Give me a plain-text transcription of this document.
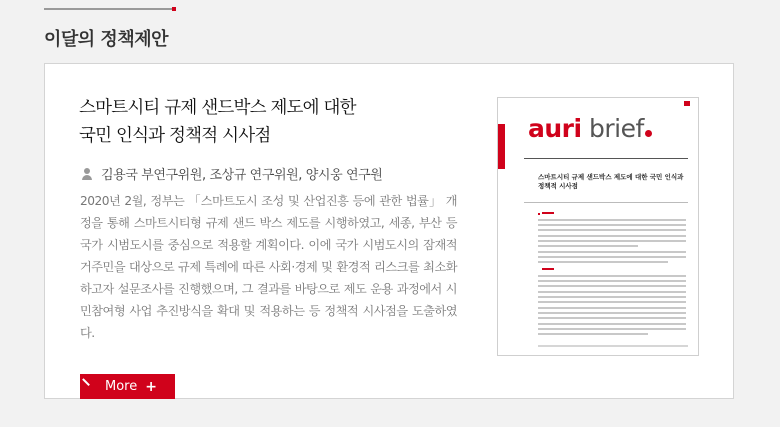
이달의 정책제안
스마트시티 규제 샌드박스 제도에 대한
국민 인식과 정책적 시사점
김용국 부연구위원, 조상규 연구위원, 양시웅 연구원

2020년 2월, 정부는 「스마트도시 조성 및 산업진흥 등에 관한 법률」 개정을 통해 스마트시티형 규제 샌드 박스 제도를 시행하였고, 세종, 부산 등 국가 시범도시를 중심으로 적용할 계획이다. 이에 국가 시범도시의 잠재적 거주민을 대상으로 규제 특례에 따른 사회·경제 및 환경적 리스크를 최소화하고자 설문조사를 진행했으며, 그 결과를 바탕으로 제도 운용 과정에서 시민참여형 사업 추진방식을 확대 및 적용하는 등 정책적 시사점을 도출하였다.

More +
auri brief
스마트시티 규제 샌드박스 제도에 대한 국민 인식과 정책적 시사점
